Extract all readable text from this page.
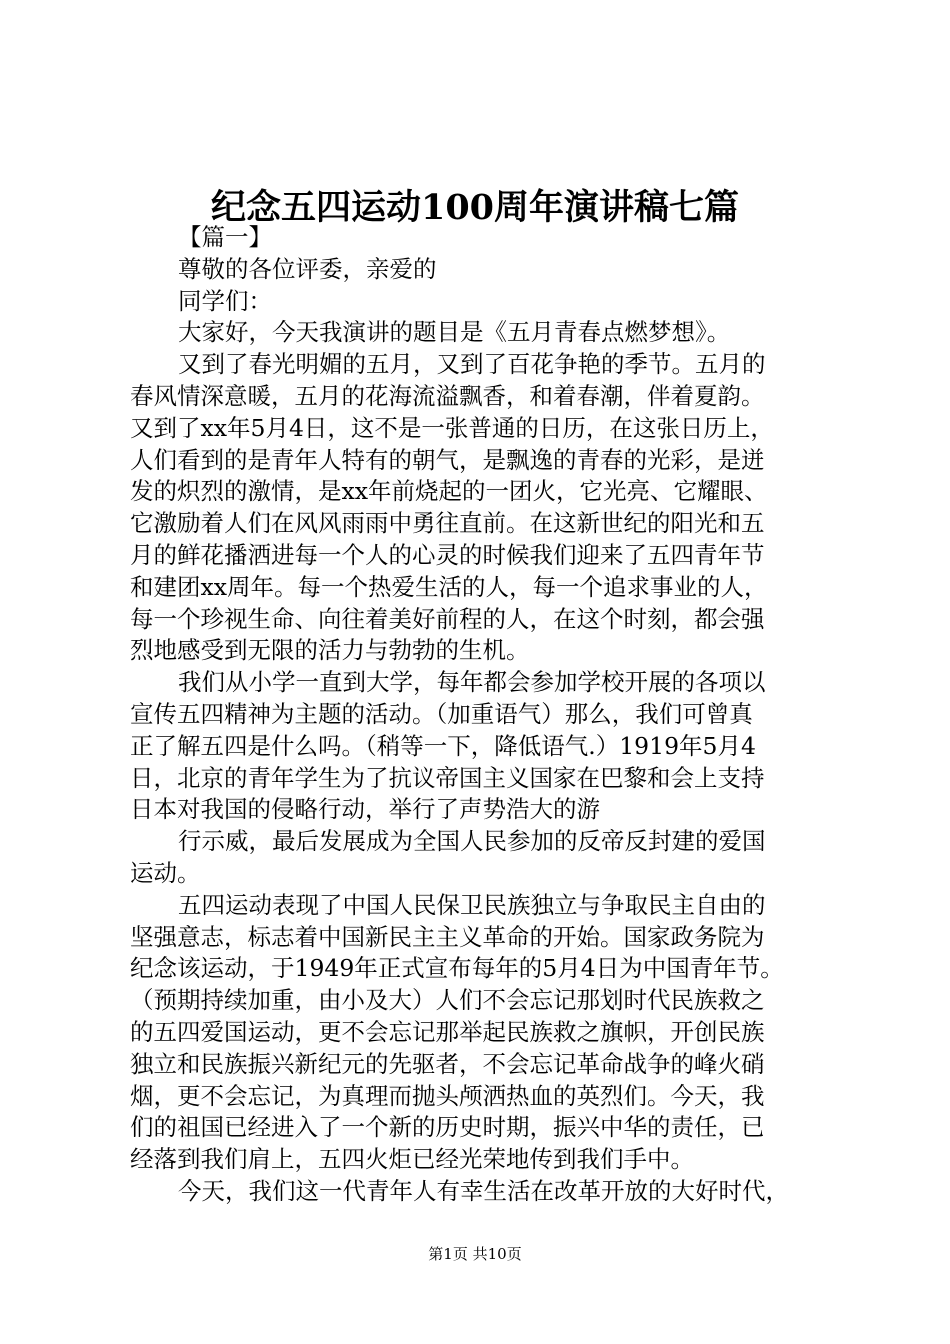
纪念五四运动100周年演讲稿七篇
【篇一】
尊敬的各位评委，亲爱的
同学们：
大家好，今天我演讲的题目是《五月青春点燃梦想》。
又到了春光明媚的五月，又到了百花争艳的季节。五月的
春风情深意暖，五月的花海流溢飘香，和着春潮，伴着夏韵。
又到了xx年5月4日，这不是一张普通的日历，在这张日历上，
人们看到的是青年人特有的朝气，是飘逸的青春的光彩，是迸
发的炽烈的激情，是xx年前烧起的一团火，它光亮、它耀眼、
它激励着人们在风风雨雨中勇往直前。在这新世纪的阳光和五
月的鲜花播洒进每一个人的心灵的时候我们迎来了五四青年节
和建团xx周年。每一个热爱生活的人，每一个追求事业的人，
每一个珍视生命、向往着美好前程的人，在这个时刻，都会强
烈地感受到无限的活力与勃勃的生机。
我们从小学一直到大学，每年都会参加学校开展的各项以
宣传五四精神为主题的活动。（加重语气）那么，我们可曾真
正了解五四是什么吗。（稍等一下，降低语气.）1919年5月4
日，北京的青年学生为了抗议帝国主义国家在巴黎和会上支持
日本对我国的侵略行动，举行了声势浩大的游
行示威，最后发展成为全国人民参加的反帝反封建的爱国
运动。
五四运动表现了中国人民保卫民族独立与争取民主自由的
坚强意志，标志着中国新民主主义革命的开始。国家政务院为
纪念该运动，于1949年正式宣布每年的5月4日为中国青年节。
（预期持续加重，由小及大）人们不会忘记那划时代民族救之
的五四爱国运动，更不会忘记那举起民族救之旗帜，开创民族
独立和民族振兴新纪元的先驱者，不会忘记革命战争的峰火硝
烟，更不会忘记，为真理而抛头颅洒热血的英烈们。今天，我
们的祖国已经进入了一个新的历史时期，振兴中华的责任，已
经落到我们肩上，五四火炬已经光荣地传到我们手中。
今天，我们这一代青年人有幸生活在改革开放的大好时代，
第1页 共10页
